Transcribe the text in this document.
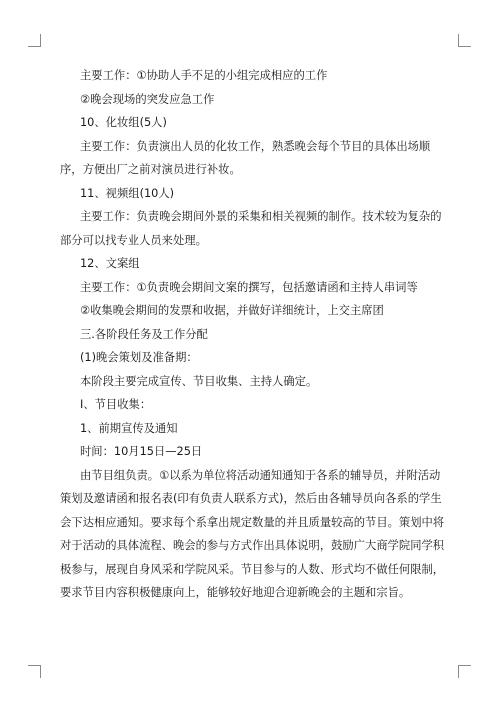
主要工作：①协助人手不足的小组完成相应的工作

②晚会现场的突发应急工作

10、化妆组(5人)

主要工作：负责演出人员的化妆工作，熟悉晚会每个节目的具体出场顺序，方便出厂之前对演员进行补妆。

11、视频组(10人)

主要工作：负责晚会期间外景的采集和相关视频的制作。技术较为复杂的部分可以找专业人员来处理。

12、文案组

主要工作：①负责晚会期间文案的撰写，包括邀请函和主持人串词等

②收集晚会期间的发票和收据，并做好详细统计，上交主席团

三.各阶段任务及工作分配

(1)晚会策划及准备期：

本阶段主要完成宣传、节目收集、主持人确定。

I、节目收集：

1、前期宣传及通知

时间：10月15日—25日

由节目组负责。①以系为单位将活动通知通知于各系的辅导员，并附活动策划及邀请函和报名表(印有负责人联系方式)，然后由各辅导员向各系的学生会下达相应通知。要求每个系拿出规定数量的并且质量较高的节目。策划中将对于活动的具体流程、晚会的参与方式作出具体说明，鼓励广大商学院同学积极参与，展现自身风采和学院风采。节目参与的人数、形式均不做任何限制，要求节目内容积极健康向上，能够较好地迎合迎新晚会的主题和宗旨。
